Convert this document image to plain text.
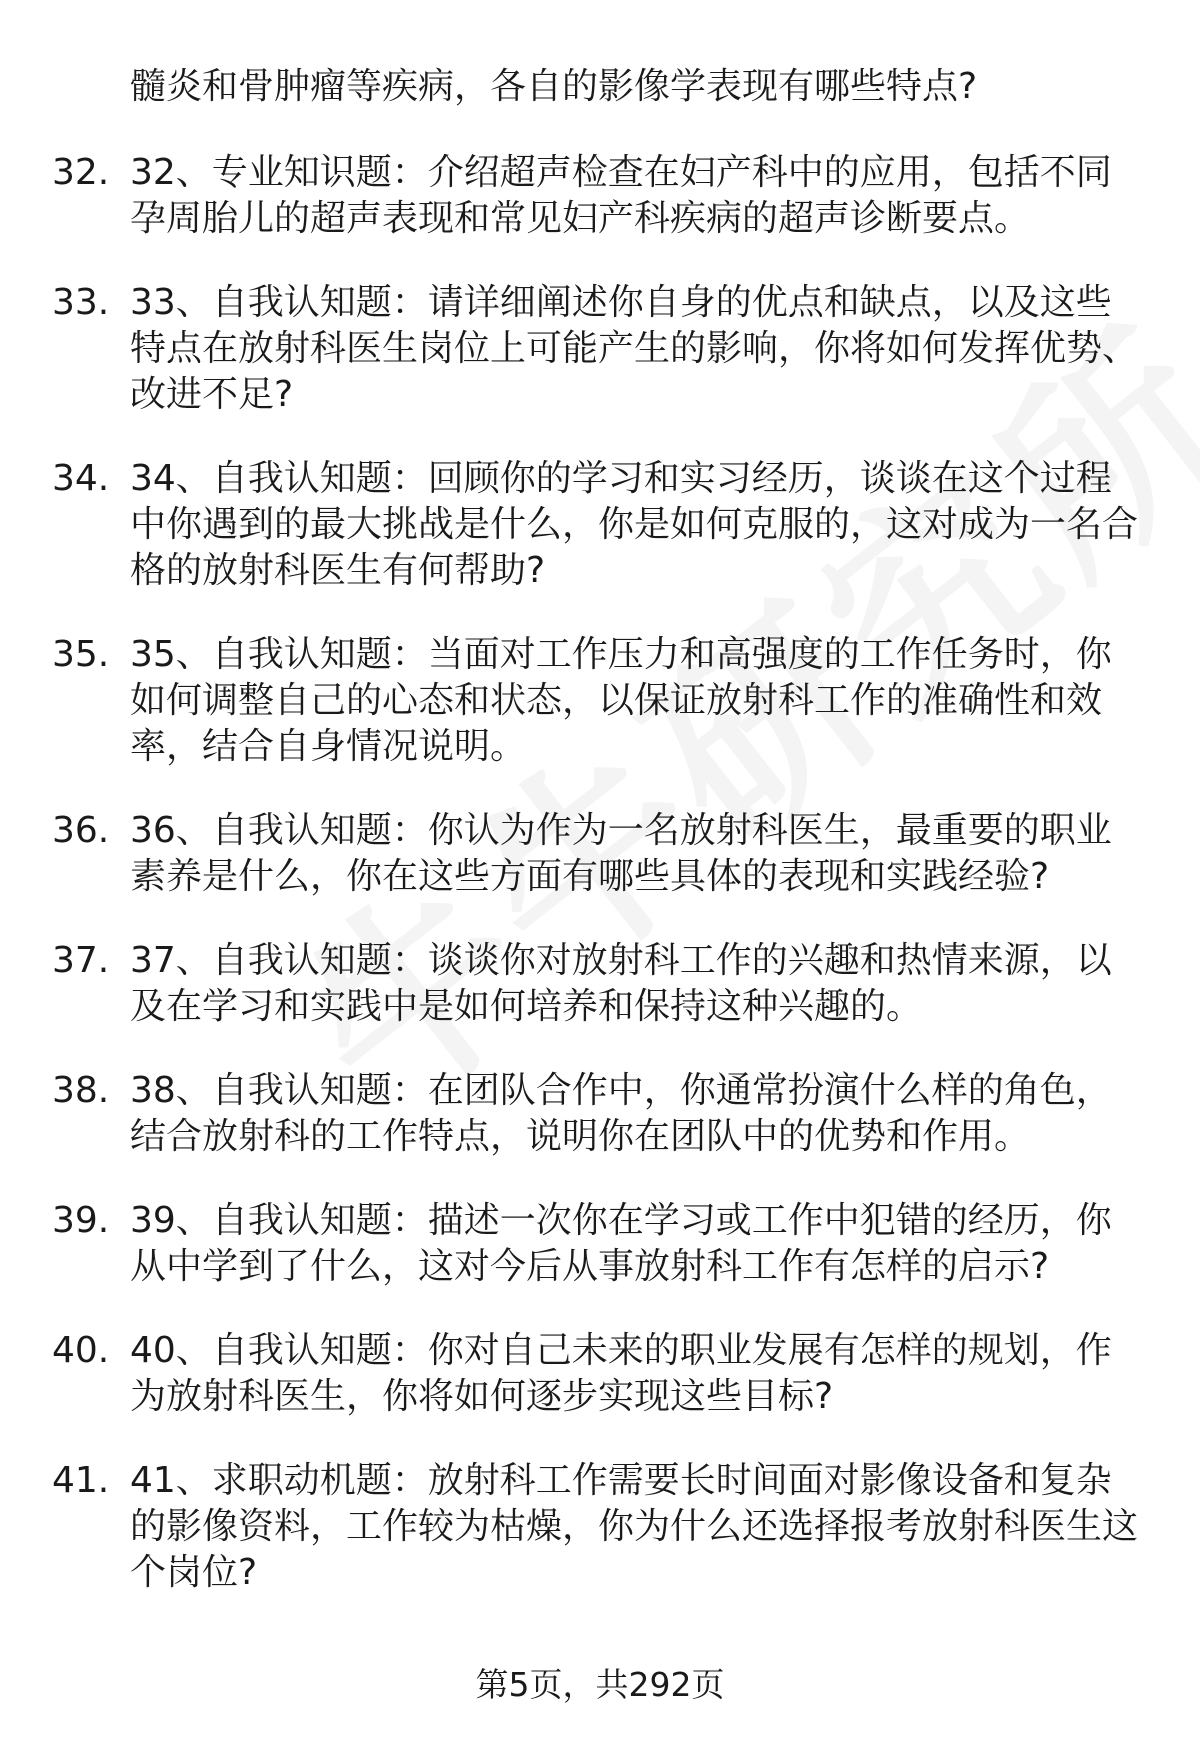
髓炎和骨肿瘤等疾病，各自的影像学表现有哪些特点?
32. 32、专业知识题：介绍超声检查在妇产科中的应用，包括不同孕周胎儿的超声表现和常见妇产科疾病的超声诊断要点。
33. 33、自我认知题：请详细阐述你自身的优点和缺点，以及这些特点在放射科医生岗位上可能产生的影响，你将如何发挥优势、改进不足?
34. 34、自我认知题：回顾你的学习和实习经历，谈谈在这个过程中你遇到的最大挑战是什么，你是如何克服的，这对成为一名合格的放射科医生有何帮助?
35. 35、自我认知题：当面对工作压力和高强度的工作任务时，你如何调整自己的心态和状态，以保证放射科工作的准确性和效率，结合自身情况说明。
36. 36、自我认知题：你认为作为一名放射科医生，最重要的职业素养是什么，你在这些方面有哪些具体的表现和实践经验?
37. 37、自我认知题：谈谈你对放射科工作的兴趣和热情来源，以及在学习和实践中是如何培养和保持这种兴趣的。
38. 38、自我认知题：在团队合作中，你通常扮演什么样的角色，结合放射科的工作特点，说明你在团队中的优势和作用。
39. 39、自我认知题：描述一次你在学习或工作中犯错的经历，你从中学到了什么，这对今后从事放射科工作有怎样的启示?
40. 40、自我认知题：你对自己未来的职业发展有怎样的规划，作为放射科医生，你将如何逐步实现这些目标?
41. 41、求职动机题：放射科工作需要长时间面对影像设备和复杂的影像资料，工作较为枯燥，你为什么还选择报考放射科医生这个岗位?
第5页，共292页
